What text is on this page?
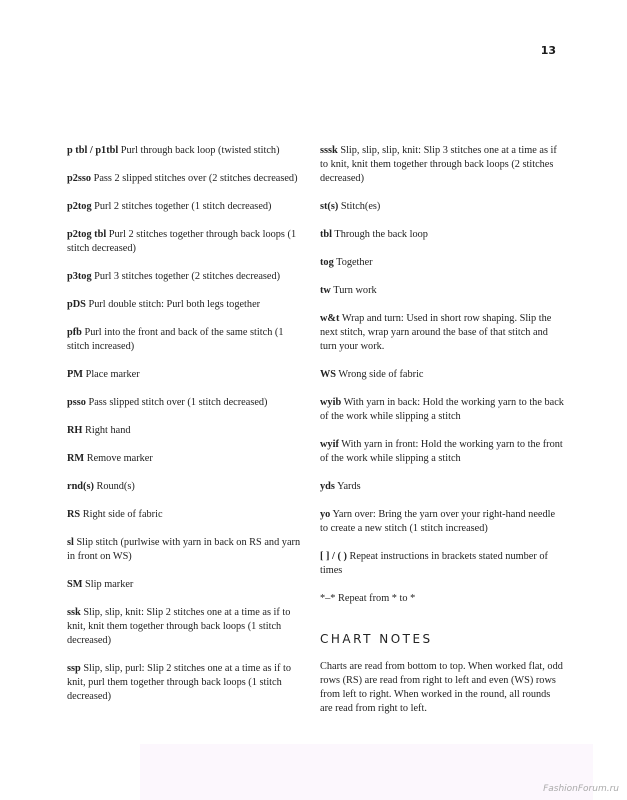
13

p tbl / p1tbl Purl through back loop (twisted stitch)

p2sso Pass 2 slipped stitches over (2 stitches decreased)

p2tog Purl 2 stitches together (1 stitch decreased)

p2tog tbl Purl 2 stitches together through back loops (1 stitch decreased)

p3tog Purl 3 stitches together (2 stitches decreased)

pDS Purl double stitch: Purl both legs together

pfb Purl into the front and back of the same stitch (1 stitch increased)

PM Place marker

psso Pass slipped stitch over (1 stitch decreased)

RH Right hand

RM Remove marker

rnd(s) Round(s)

RS Right side of fabric

sl Slip stitch (purlwise with yarn in back on RS and yarn in front on WS)

SM Slip marker

ssk Slip, slip, knit: Slip 2 stitches one at a time as if to knit, knit them together through back loops (1 stitch decreased)

ssp Slip, slip, purl: Slip 2 stitches one at a time as if to knit, purl them together through back loops (1 stitch decreased)

sssk Slip, slip, slip, knit: Slip 3 stitches one at a time as if to knit, knit them together through back loops (2 stitches decreased)

st(s) Stitch(es)

tbl Through the back loop

tog Together

tw Turn work

w&t Wrap and turn: Used in short row shaping. Slip the next stitch, wrap yarn around the base of that stitch and turn your work.

WS Wrong side of fabric

wyib With yarn in back: Hold the working yarn to the back of the work while slipping a stitch

wyif With yarn in front: Hold the working yarn to the front of the work while slipping a stitch

yds Yards

yo Yarn over: Bring the yarn over your right-hand needle to create a new stitch (1 stitch increased)

[ ] / ( ) Repeat instructions in brackets stated number of times

*–* Repeat from * to *

CHART NOTES

Charts are read from bottom to top. When worked flat, odd rows (RS) are read from right to left and even (WS) rows from left to right. When worked in the round, all rounds are read from right to left.

FashionForum.ru
